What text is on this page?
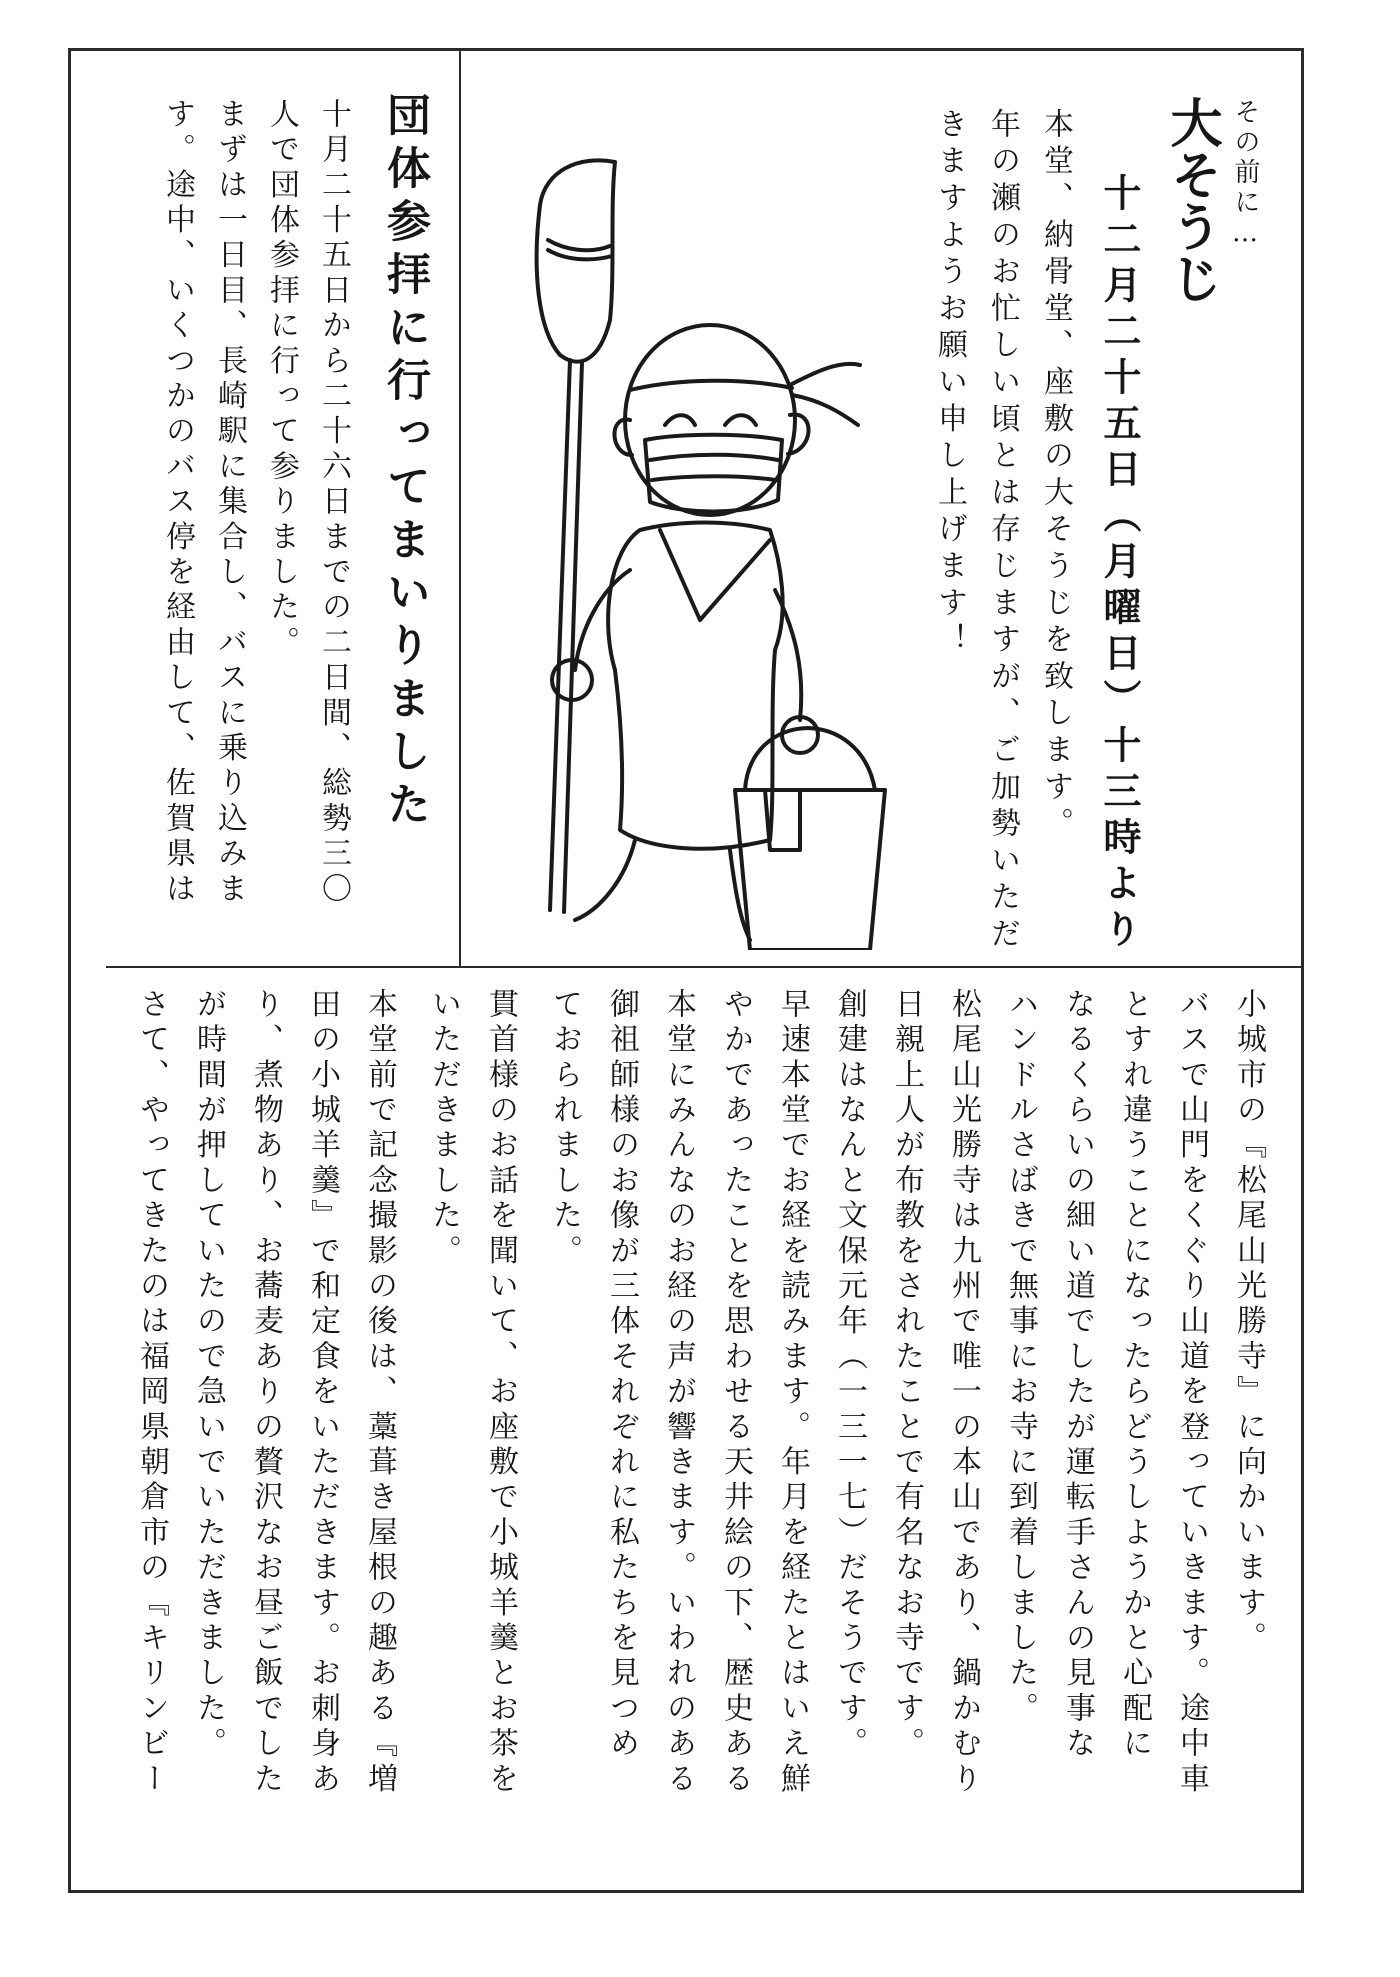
その前に…
大そうじ
十二月二十五日（月曜日）十三時より
本堂、納骨堂、座敷の大そうじを致します。
年の瀬のお忙しい頃とは存じますが、ご加勢いただ
きますようお願い申し上げます！
団体参拝に行ってまいりました
十月二十五日から二十六日までの二日間、総勢三〇
人で団体参拝に行って参りました。
まずは一日目、長崎駅に集合し、バスに乗り込みま
す。途中、いくつかのバス停を経由して、佐賀県は
小城市の『松尾山光勝寺』に向かいます。
バスで山門をくぐり山道を登っていきます。途中車
とすれ違うことになったらどうしようかと心配に
なるくらいの細い道でしたが運転手さんの見事な
ハンドルさばきで無事にお寺に到着しました。
松尾山光勝寺は九州で唯一の本山であり、鍋かむり
日親上人が布教をされたことで有名なお寺です。
創建はなんと文保元年（一三一七）だそうです。
早速本堂でお経を読みます。年月を経たとはいえ鮮
やかであったことを思わせる天井絵の下、歴史ある
本堂にみんなのお経の声が響きます。いわれのある
御祖師様のお像が三体それぞれに私たちを見つめ
ておられました。
貫首様のお話を聞いて、お座敷で小城羊羹とお茶を
いただきました。
本堂前で記念撮影の後は、藁葺き屋根の趣ある『増
田の小城羊羹』で和定食をいただきます。お刺身あ
り、煮物あり、お蕎麦ありの贅沢なお昼ご飯でした
が時間が押していたので急いでいただきました。
さて、やってきたのは福岡県朝倉市の『キリンビー
